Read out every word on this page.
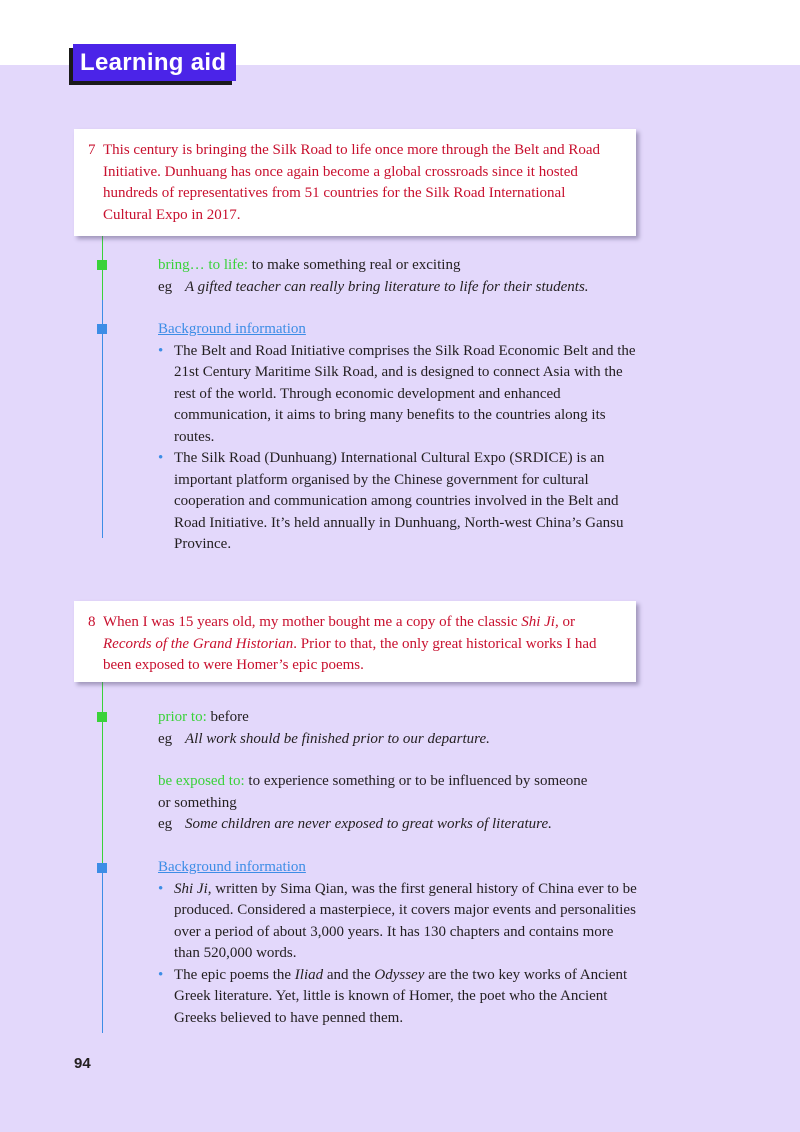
Learning aid
7 This century is bringing the Silk Road to life once more through the Belt and Road Initiative. Dunhuang has once again become a global crossroads since it hosted hundreds of representatives from 51 countries for the Silk Road International Cultural Expo in 2017.
bring… to life: to make something real or exciting
eg A gifted teacher can really bring literature to life for their students.
Background information
• The Belt and Road Initiative comprises the Silk Road Economic Belt and the 21st Century Maritime Silk Road, and is designed to connect Asia with the rest of the world. Through economic development and enhanced communication, it aims to bring many benefits to the countries along its routes.
• The Silk Road (Dunhuang) International Cultural Expo (SRDICE) is an important platform organised by the Chinese government for cultural cooperation and communication among countries involved in the Belt and Road Initiative. It’s held annually in Dunhuang, North-west China’s Gansu Province.
8 When I was 15 years old, my mother bought me a copy of the classic Shi Ji, or Records of the Grand Historian. Prior to that, the only great historical works I had been exposed to were Homer’s epic poems.
prior to: before
eg All work should be finished prior to our departure.
be exposed to: to experience something or to be influenced by someone or something
eg Some children are never exposed to great works of literature.
Background information
• Shi Ji, written by Sima Qian, was the first general history of China ever to be produced. Considered a masterpiece, it covers major events and personalities over a period of about 3,000 years. It has 130 chapters and contains more than 520,000 words.
• The epic poems the Iliad and the Odyssey are the two key works of Ancient Greek literature. Yet, little is known of Homer, the poet who the Ancient Greeks believed to have penned them.
94
